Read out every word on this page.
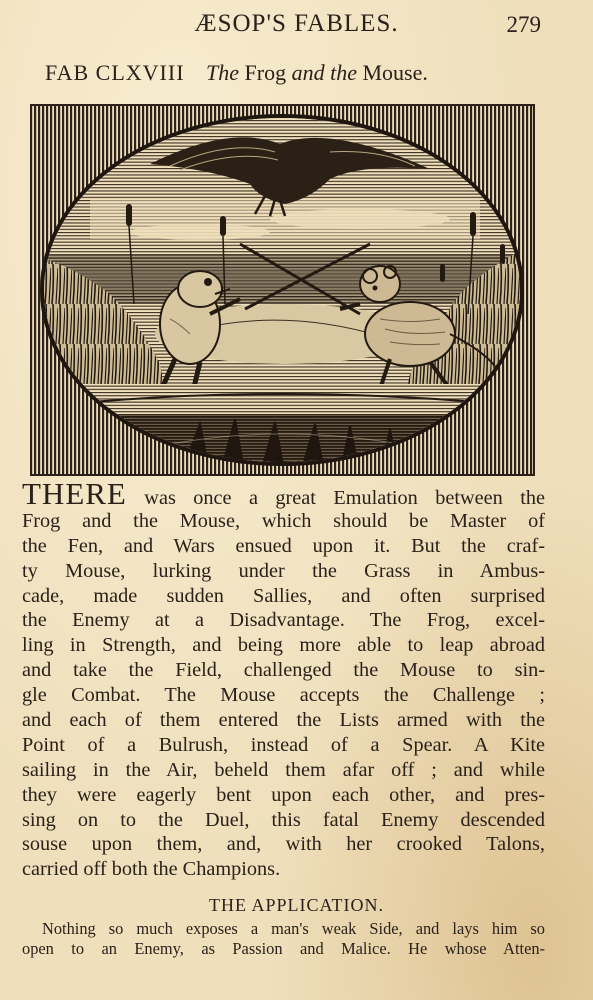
ÆSOP'S FABLES.	279
FAB CLXVIII The Frog and the Mouse.
THERE was once a great Emulation between the
Frog and the Mouse, which should be Master of
the Fen, and Wars ensued upon it. But the craf-
ty Mouse, lurking under the Grass in Ambus-
cade, made sudden Sallies, and often surprised
the Enemy at a Disadvantage. The Frog, excel-
ling in Strength, and being more able to leap abroad
and take the Field, challenged the Mouse to sin-
gle Combat. The Mouse accepts the Challenge ;
and each of them entered the Lists armed with the
Point of a Bulrush, instead of a Spear. A Kite
sailing in the Air, beheld them afar off ; and while
they were eagerly bent upon each other, and pres-
sing on to the Duel, this fatal Enemy descended
souse upon them, and, with her crooked Talons,
carried off both the Champions.
THE APPLICATION.
Nothing so much exposes a man's weak Side, and lays him so
open to an Enemy, as Passion and Malice. He whose Atten-
